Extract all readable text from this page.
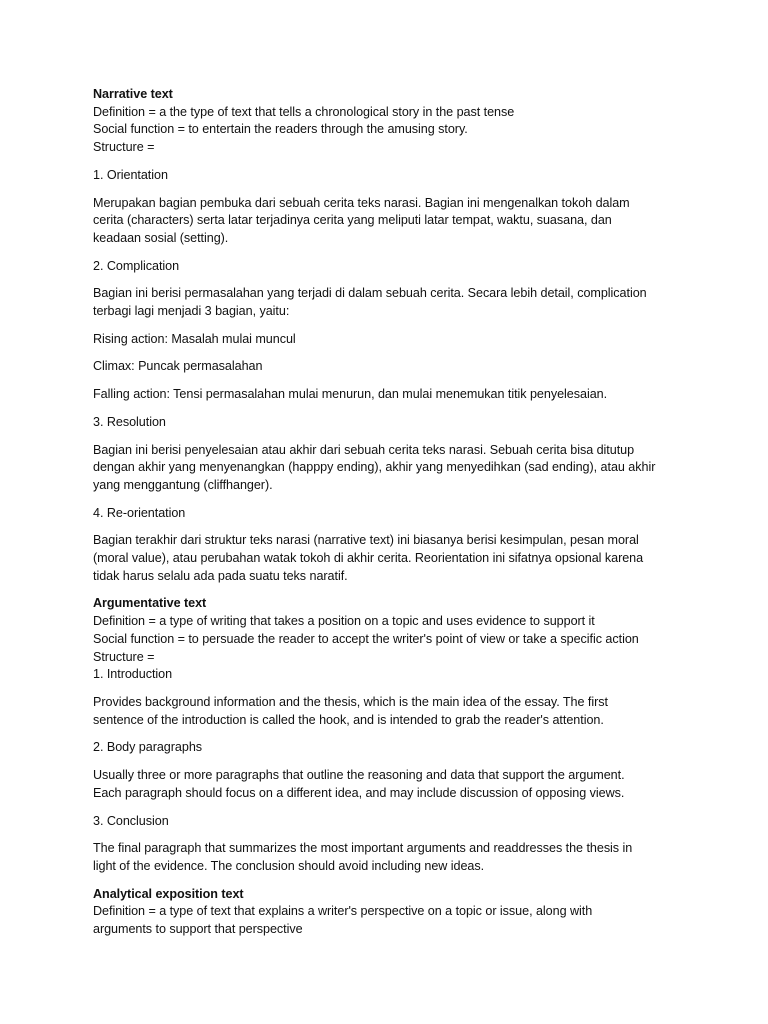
Narrative text
Definition = a the type of text that tells a chronological story in the past tense
Social function = to entertain the readers through the amusing story.
Structure =
1. Orientation
Merupakan bagian pembuka dari sebuah cerita teks narasi. Bagian ini mengenalkan tokoh dalam
cerita (characters) serta latar terjadinya cerita yang meliputi latar tempat, waktu, suasana, dan
keadaan sosial (setting).
2. Complication
Bagian ini berisi permasalahan yang terjadi di dalam sebuah cerita. Secara lebih detail, complication
terbagi lagi menjadi 3 bagian, yaitu:
Rising action: Masalah mulai muncul
Climax: Puncak permasalahan
Falling action: Tensi permasalahan mulai menurun, dan mulai menemukan titik penyelesaian.
3. Resolution
Bagian ini berisi penyelesaian atau akhir dari sebuah cerita teks narasi. Sebuah cerita bisa ditutup
dengan akhir yang menyenangkan (happpy ending), akhir yang menyedihkan (sad ending), atau akhir
yang menggantung (cliffhanger).
4. Re-orientation
Bagian terakhir dari struktur teks narasi (narrative text) ini biasanya berisi kesimpulan, pesan moral
(moral value), atau perubahan watak tokoh di akhir cerita. Reorientation ini sifatnya opsional karena
tidak harus selalu ada pada suatu teks naratif.
Argumentative text
Definition = a type of writing that takes a position on a topic and uses evidence to support it
Social function = to persuade the reader to accept the writer's point of view or take a specific action
Structure =
1. Introduction
Provides background information and the thesis, which is the main idea of the essay. The first
sentence of the introduction is called the hook, and is intended to grab the reader's attention.
2. Body paragraphs
Usually three or more paragraphs that outline the reasoning and data that support the argument.
Each paragraph should focus on a different idea, and may include discussion of opposing views.
3. Conclusion
The final paragraph that summarizes the most important arguments and readdresses the thesis in
light of the evidence. The conclusion should avoid including new ideas.
Analytical exposition text
Definition = a type of text that explains a writer's perspective on a topic or issue, along with
arguments to support that perspective
